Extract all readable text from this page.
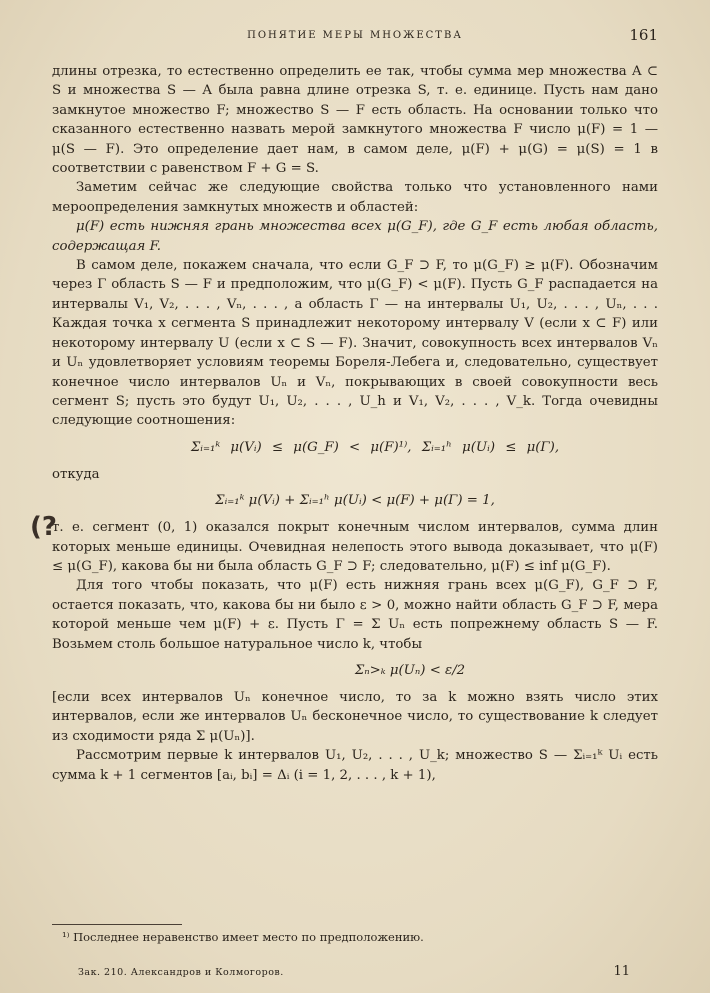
ПОНЯТИЕ МЕРЫ МНОЖЕСТВА	161

длины отрезка, то естественно определить ее так, чтобы сумма мер множества A ⊂ S и множества S — A была равна длине отрезка S, т. е. единице. Пусть нам дано замкнутое множество F; множество S — F есть область. На основании только что сказанного естественно назвать мерой замкнутого множества F число μ(F) = 1 — μ(S — F). Это определение дает нам, в самом деле, μ(F) + μ(G) = μ(S) = 1 в соответствии с равенством F + G = S.

Заметим сейчас же следующие свойства только что установленного нами мероопределения замкнутых множеств и областей:

μ(F) есть нижняя грань множества всех μ(G_F), где G_F есть любая область, содержащая F.

В самом деле, покажем сначала, что если G_F ⊃ F, то μ(G_F) ≥ μ(F). Обозначим через Γ область S — F и предположим, что μ(G_F) < μ(F). Пусть G_F распадается на интервалы V₁, V₂, . . . , Vₙ, . . . , а область Γ — на интервалы U₁, U₂, . . . , Uₙ, . . . Каждая точка x сегмента S принадлежит некоторому интервалу V (если x ⊂ F) или некоторому интервалу U (если x ⊂ S — F). Значит, совокупность всех интервалов Vₙ и Uₙ удовлетворяет условиям теоремы Бореля-Лебега и, следовательно, существует конечное число интервалов Uₙ и Vₙ, покрывающих в своей совокупности весь сегмент S; пусть это будут U₁, U₂, . . . , U_h и V₁, V₂, . . . , V_k. Тогда очевидны следующие соотношения:

Σᵢ₌₁ᵏ μ(Vᵢ) ≤ μ(G_F) < μ(F)¹⁾, Σᵢ₌₁ʰ μ(Uᵢ) ≤ μ(Γ),

откуда

Σᵢ₌₁ᵏ μ(Vᵢ) + Σᵢ₌₁ʰ μ(Uᵢ) < μ(F) + μ(Γ) = 1,
(?

т. е. сегмент (0, 1) оказался покрыт конечным числом интервалов, сумма длин которых меньше единицы. Очевидная нелепость этого вывода доказывает, что μ(F) ≤ μ(G_F), какова бы ни была область G_F ⊃ F; следовательно, μ(F) ≤ inf μ(G_F).

Для того чтобы показать, что μ(F) есть нижняя грань всех μ(G_F), G_F ⊃ F, остается показать, что, какова бы ни было ε > 0, можно найти область G_F ⊃ F, мера которой меньше чем μ(F) + ε. Пусть Γ = Σ Uₙ есть попрежнему область S — F. Возьмем столь большое натуральное число k, чтобы

Σₙ>ₖ μ(Uₙ) < ε/2

[если всех интервалов Uₙ конечное число, то за k можно взять число этих интервалов, если же интервалов Uₙ бесконечное число, то существование k следует из сходимости ряда Σ μ(Uₙ)].

Рассмотрим первые k интервалов U₁, U₂, . . . , U_k; множество S — Σᵢ₌₁ᵏ Uᵢ есть сумма k + 1 сегментов [aᵢ, bᵢ] = Δᵢ (i = 1, 2, . . . , k + 1),

¹⁾ Последнее неравенство имеет место по предположению.
Зак. 210. Александров и Колмогоров.	11
